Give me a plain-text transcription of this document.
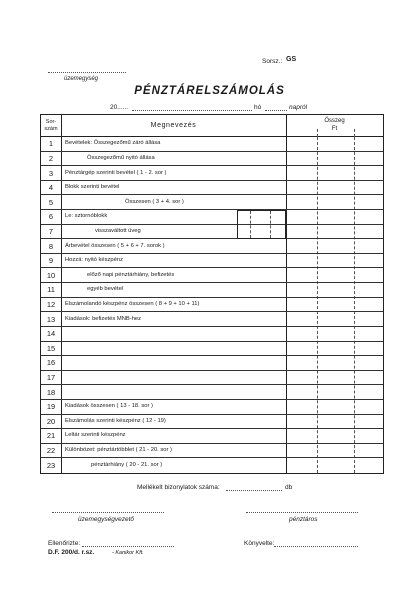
Sorsz.: GS
üzemegység
PÉNZTÁRELSZÁMOLÁS
20......	hó	napról
Sor-
szám	Megnevezés
Összeg
Ft
1	Bevételek: Összegezőmű záró állása
2	Összegezőmű nyitó állása
3	Pénztárgép szerinti bevétel ( 1 - 2. sor )
4	Blokk szerinti bevétel
5	Összesen ( 3 + 4. sor )
6	Le: sztornóblokk
7	visszaváltott üveg
8	Árbevétel összesen ( 5 + 6 + 7. sorok )
9	Hozzá: nyitó készpénz
10	előző napi pénztárhiány, befizetés
11	egyéb bevétel
12	Elszámolandó készpénz összesen ( 8 + 9 + 10 + 11)
13	Kiadások: befizetés MNB-hez
14
15
16
17
18
19	Kiadások összesen ( 13 - 18. sor )
20	Elszámolás szerinti készpénz ( 12 - 19)
21	Leltár szerinti készpénz
22	Különbözet: pénztártöbblet ( 21 - 20. sor )
23	pénztárhiány ( 20 - 21. sor )
Mellékelt bizonylatok száma:	db
üzemegységvezető	pénztáros
Ellenőrizte:	Könyvelte:
D.F. 200/d. r.sz.	- Kanikor Kft.
